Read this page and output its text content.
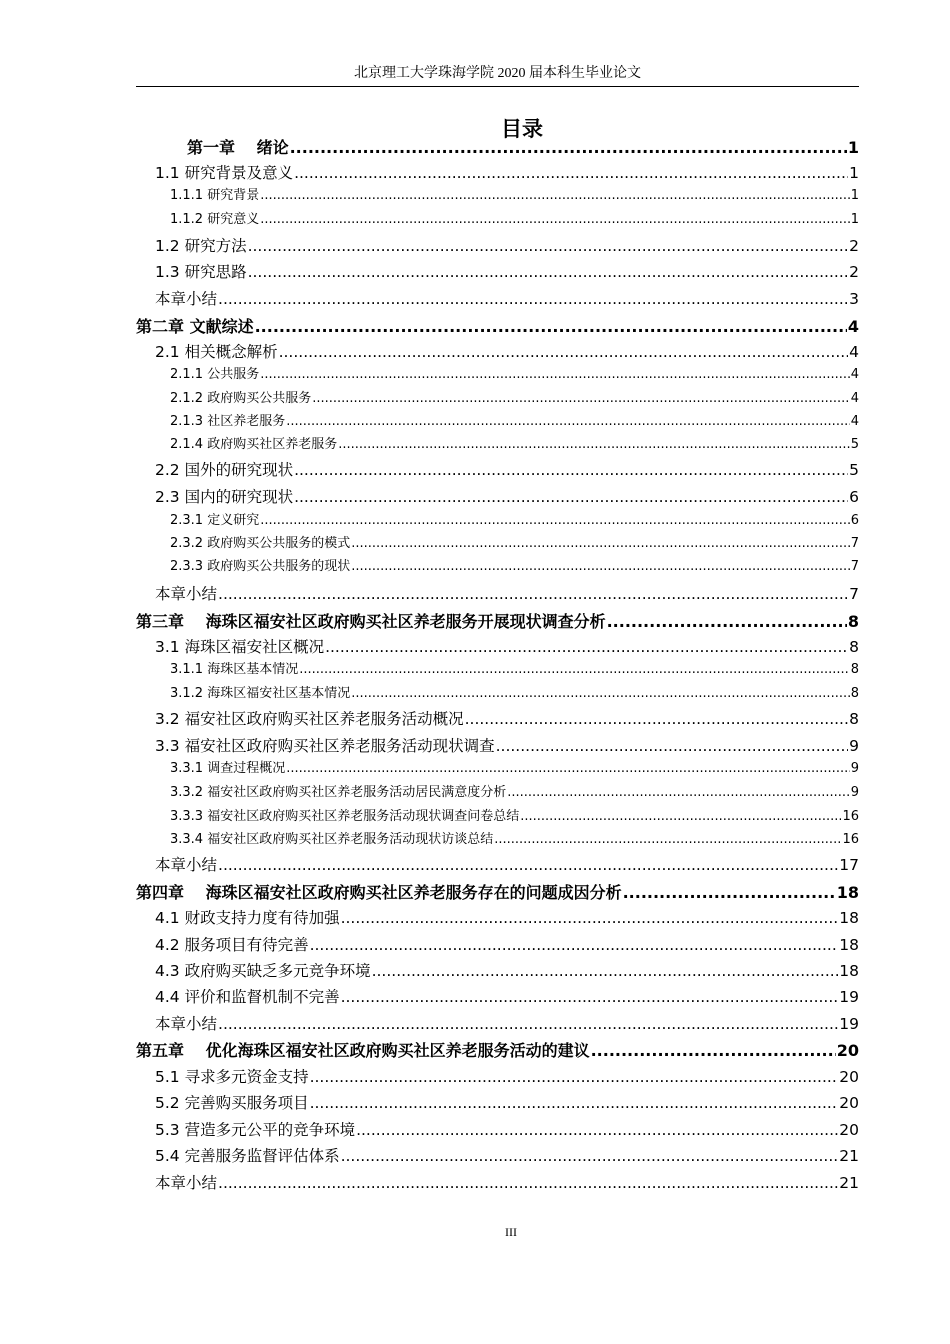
北京理工大学珠海学院 2020 届本科生毕业论文
目录
第一章　 绪论 .....	1
1.1 研究背景及意义 .....	1
1.1.1 研究背景 .....	1
1.1.2 研究意义 .....	1
1.2 研究方法 .....	2
1.3 研究思路 .....	2
本章小结 .....	3
第二章 文献综述 .....	4
2.1 相关概念解析 .....	4
2.1.1 公共服务 .....	4
2.1.2 政府购买公共服务 .....	4
2.1.3 社区养老服务 .....	4
2.1.4 政府购买社区养老服务 .....	5
2.2 国外的研究现状 .....	5
2.3 国内的研究现状 .....	6
2.3.1 定义研究 .....	6
2.3.2 政府购买公共服务的模式 .....	7
2.3.3 政府购买公共服务的现状 .....	7
本章小结 .....	7
第三章　 海珠区福安社区政府购买社区养老服务开展现状调查分析 .....	8
3.1 海珠区福安社区概况 .....	8
3.1.1 海珠区基本情况 .....	8
3.1.2 海珠区福安社区基本情况 .....	8
3.2 福安社区政府购买社区养老服务活动概况 .....	8
3.3 福安社区政府购买社区养老服务活动现状调查 .....	9
3.3.1 调查过程概况 .....	9
3.3.2 福安社区政府购买社区养老服务活动居民满意度分析 .....	9
3.3.3 福安社区政府购买社区养老服务活动现状调查问卷总结 .....	16
3.3.4 福安社区政府购买社区养老服务活动现状访谈总结 .....	16
本章小结 .....	17
第四章　 海珠区福安社区政府购买社区养老服务存在的问题成因分析 .....	18
4.1 财政支持力度有待加强 .....	18
4.2 服务项目有待完善 .....	18
4.3 政府购买缺乏多元竞争环境 .....	18
4.4 评价和监督机制不完善 .....	19
本章小结 .....	19
第五章　 优化海珠区福安社区政府购买社区养老服务活动的建议 .....	20
5.1 寻求多元资金支持 .....	20
5.2 完善购买服务项目 .....	20
5.3 营造多元公平的竞争环境 .....	20
5.4 完善服务监督评估体系 .....	21
本章小结 .....	21
III
